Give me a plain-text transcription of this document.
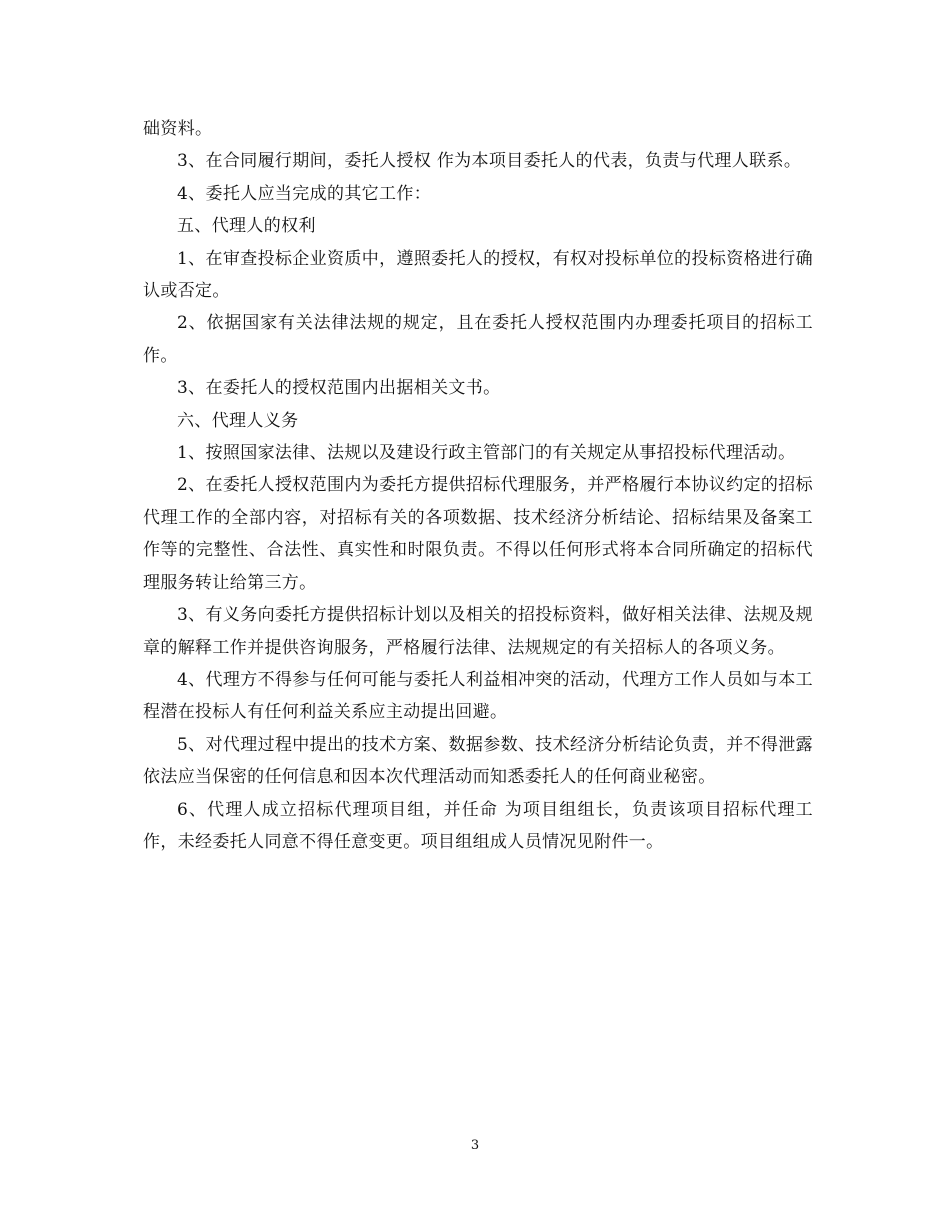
础资料。

3、在合同履行期间，委托人授权 作为本项目委托人的代表，负责与代理人联系。

4、委托人应当完成的其它工作：

五、代理人的权利

1、在审查投标企业资质中，遵照委托人的授权，有权对投标单位的投标资格进行确认或否定。

2、依据国家有关法律法规的规定，且在委托人授权范围内办理委托项目的招标工作。

3、在委托人的授权范围内出据相关文书。

六、代理人义务

1、按照国家法律、法规以及建设行政主管部门的有关规定从事招投标代理活动。

2、在委托人授权范围内为委托方提供招标代理服务，并严格履行本协议约定的招标代理工作的全部内容，对招标有关的各项数据、技术经济分析结论、招标结果及备案工作等的完整性、合法性、真实性和时限负责。不得以任何形式将本合同所确定的招标代理服务转让给第三方。

3、有义务向委托方提供招标计划以及相关的招投标资料，做好相关法律、法规及规章的解释工作并提供咨询服务，严格履行法律、法规规定的有关招标人的各项义务。

4、代理方不得参与任何可能与委托人利益相冲突的活动，代理方工作人员如与本工程潜在投标人有任何利益关系应主动提出回避。

5、对代理过程中提出的技术方案、数据参数、技术经济分析结论负责，并不得泄露依法应当保密的任何信息和因本次代理活动而知悉委托人的任何商业秘密。

6、代理人成立招标代理项目组，并任命 为项目组组长，负责该项目招标代理工作，未经委托人同意不得任意变更。项目组组成人员情况见附件一。

3
